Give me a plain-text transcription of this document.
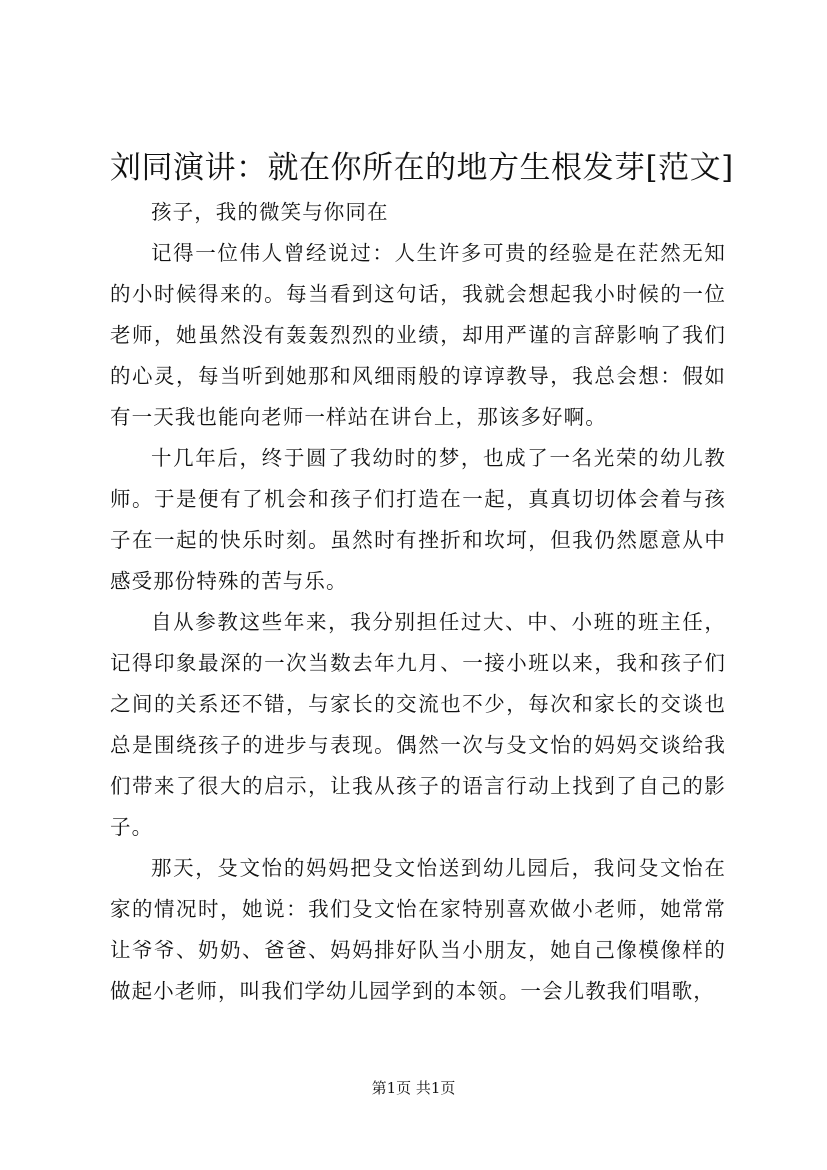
刘同演讲：就在你所在的地方生根发芽[范文]

孩子，我的微笑与你同在

记得一位伟人曾经说过：人生许多可贵的经验是在茫然无知的小时候得来的。每当看到这句话，我就会想起我小时候的一位老师，她虽然没有轰轰烈烈的业绩，却用严谨的言辞影响了我们的心灵，每当听到她那和风细雨般的谆谆教导，我总会想：假如有一天我也能向老师一样站在讲台上，那该多好啊。

十几年后，终于圆了我幼时的梦，也成了一名光荣的幼儿教师。于是便有了机会和孩子们打造在一起，真真切切体会着与孩子在一起的快乐时刻。虽然时有挫折和坎坷，但我仍然愿意从中感受那份特殊的苦与乐。

自从参教这些年来，我分别担任过大、中、小班的班主任，记得印象最深的一次当数去年九月、一接小班以来，我和孩子们之间的关系还不错，与家长的交流也不少，每次和家长的交谈也总是围绕孩子的进步与表现。偶然一次与殳文怡的妈妈交谈给我们带来了很大的启示，让我从孩子的语言行动上找到了自己的影子。

那天，殳文怡的妈妈把殳文怡送到幼儿园后，我问殳文怡在家的情况时，她说：我们殳文怡在家特别喜欢做小老师，她常常让爷爷、奶奶、爸爸、妈妈排好队当小朋友，她自己像模像样的做起小老师，叫我们学幼儿园学到的本领。一会儿教我们唱歌，

第1页 共1页
